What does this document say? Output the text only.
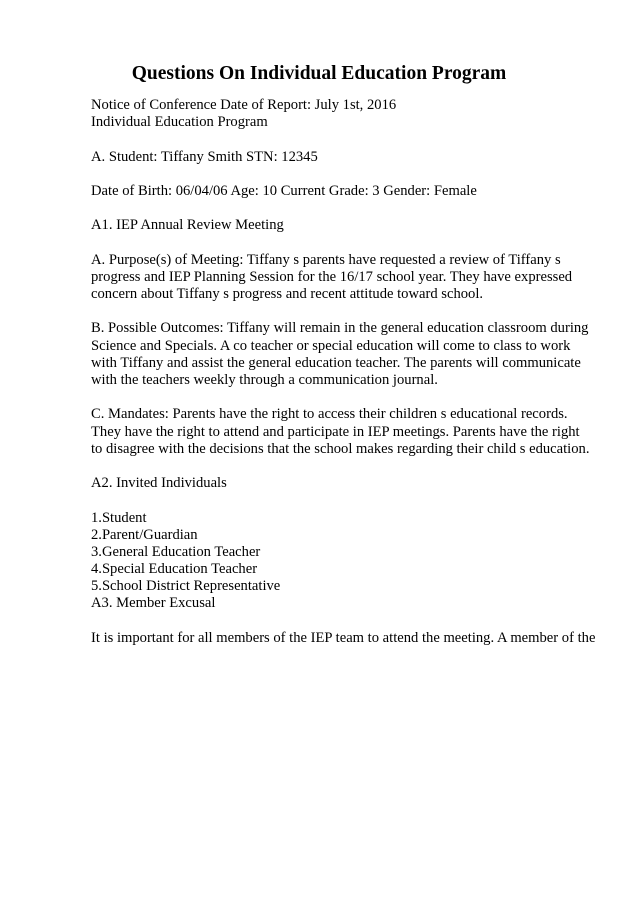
Questions On Individual Education Program
Notice of Conference Date of Report: July 1st, 2016
Individual Education Program
A. Student: Tiffany Smith STN: 12345
Date of Birth: 06/04/06 Age: 10 Current Grade: 3 Gender: Female
A1. IEP Annual Review Meeting
A. Purpose(s) of Meeting: Tiffany s parents have requested a review of Tiffany s
progress and IEP Planning Session for the 16/17 school year. They have expressed
concern about Tiffany s progress and recent attitude toward school.
B. Possible Outcomes: Tiffany will remain in the general education classroom during
Science and Specials. A co teacher or special education will come to class to work
with Tiffany and assist the general education teacher. The parents will communicate
with the teachers weekly through a communication journal.
C. Mandates: Parents have the right to access their children s educational records.
They have the right to attend and participate in IEP meetings. Parents have the right
to disagree with the decisions that the school makes regarding their child s education.
A2. Invited Individuals
1.Student
2.Parent/Guardian
3.General Education Teacher
4.Special Education Teacher
5.School District Representative
A3. Member Excusal
It is important for all members of the IEP team to attend the meeting. A member of the
